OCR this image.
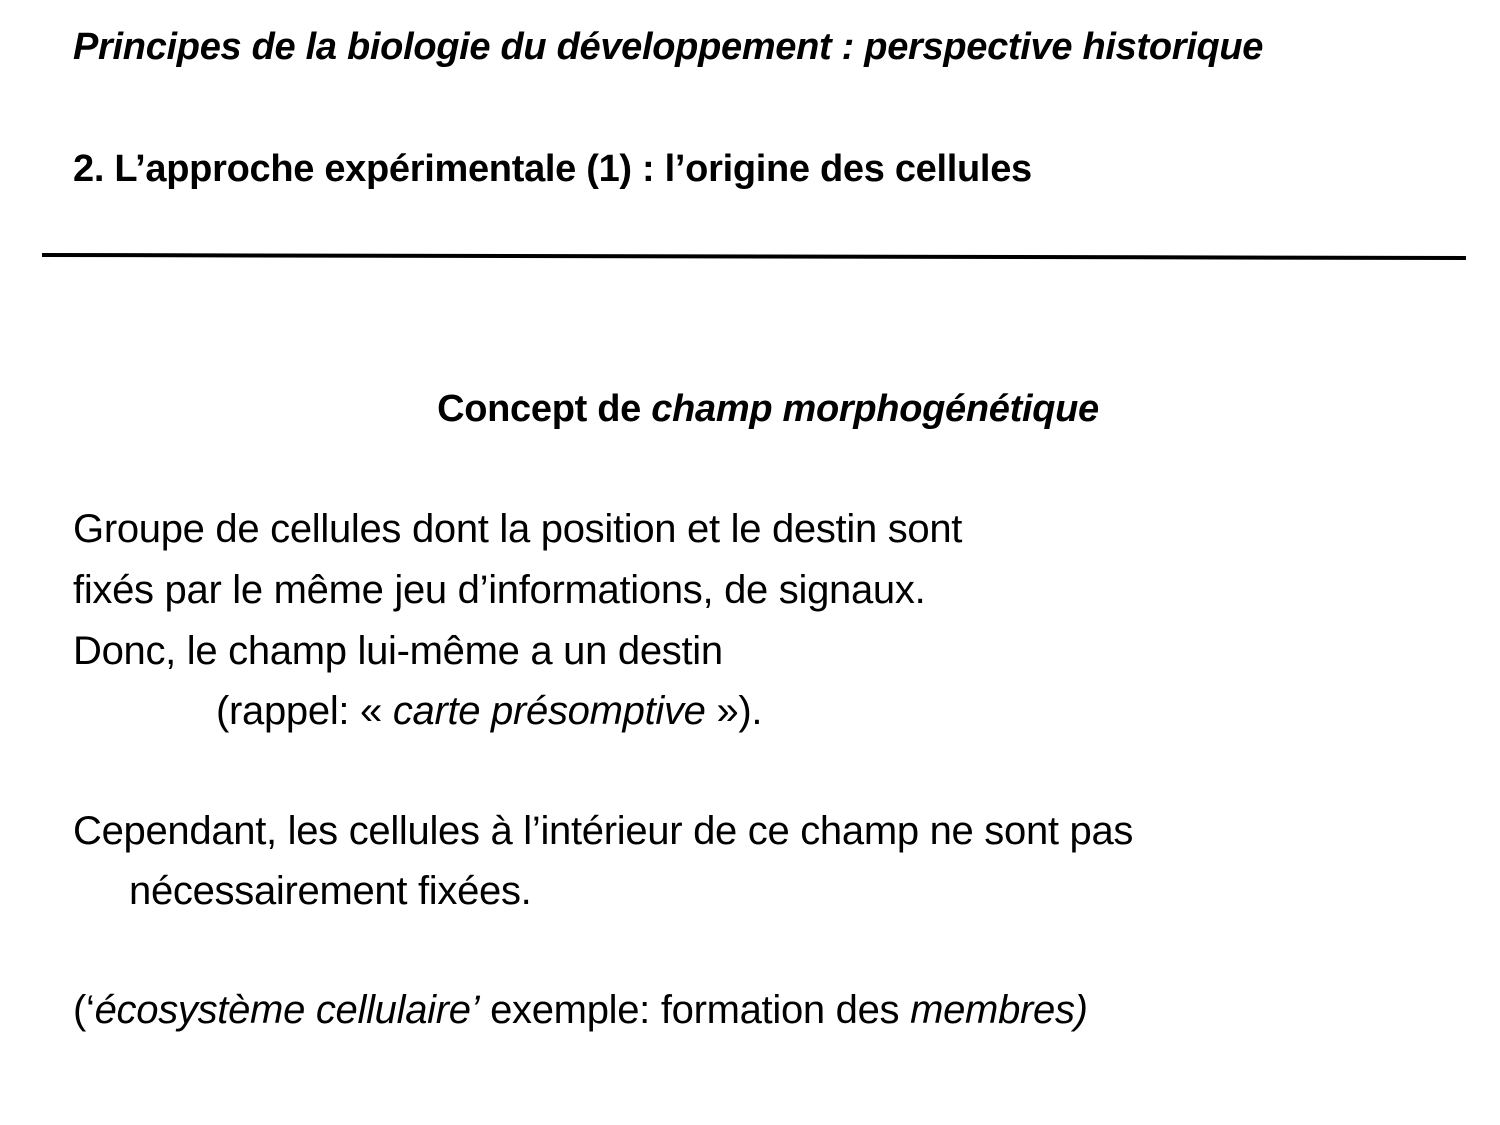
Principes de la biologie du développement : perspective historique
2. L’approche expérimentale (1) : l’origine des cellules
Concept de champ morphogénétique

Groupe de cellules dont la position et le destin sont

fixés par le même jeu d’informations, de signaux.

Donc, le champ lui-même a un destin

(rappel: « carte présomptive »).

Cependant, les cellules à l’intérieur de ce champ ne sont pas

nécessairement fixées.

(‘écosystème cellulaire’ exemple: formation des membres)
